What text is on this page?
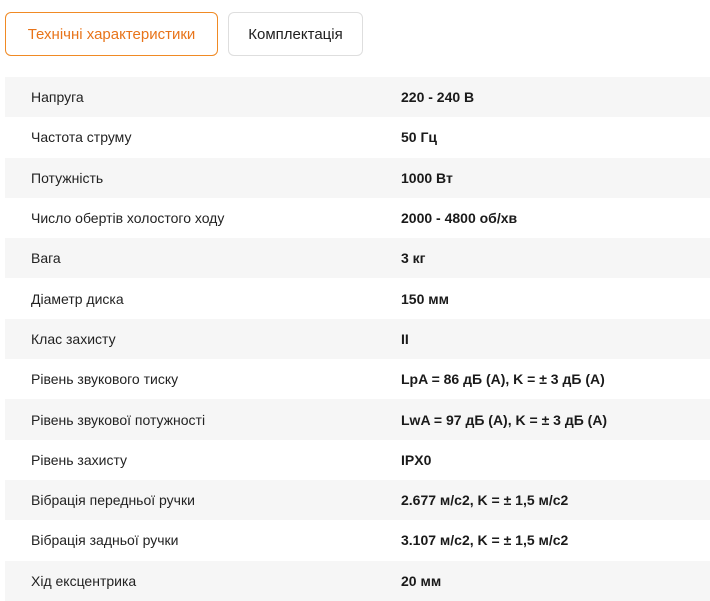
Технічні характеристики	Комплектація
Напруга	220 - 240 В
Частота струму	50 Гц
Потужність	1000 Вт
Число обертів холостого ходу	2000 - 4800 об/хв
Вага	3 кг
Діаметр диска	150 мм
Клас захисту	II
Рівень звукового тиску	LpA = 86 дБ (A), K = ± 3 дБ (A)
Рівень звукової потужності	LwA = 97 дБ (A), K = ± 3 дБ (A)
Рівень захисту	IPX0
Вібрація передньої ручки	2.677 м/с2, K = ± 1,5 м/с2
Вібрація задньої ручки	3.107 м/с2, K = ± 1,5 м/с2
Хід ексцентрика	20 мм
